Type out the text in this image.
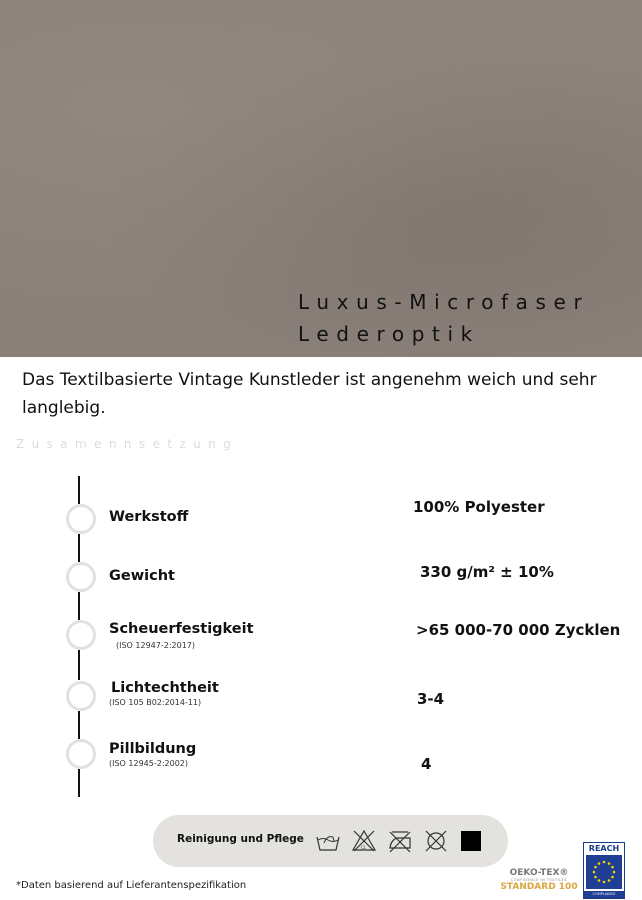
Luxus-Microfaser
Lederoptik
Das Textilbasierte Vintage Kunstleder ist angenehm weich und sehr langlebig.
Zusamennsetzung
Werkstoff
Gewicht
Scheuerfestigkeit
(ISO 12947-2:2017)
Lichtechtheit
(ISO 105 B02:2014-11)
Pillbildung
(ISO 12945-2:2002)
100% Polyester
330 g/m² ± 10%
>65 000-70 000 Zycklen
3-4
4
Reinigung und Pflege
CL
*Daten basierend auf Lieferantenspezifikation
OEKO-TEX®
CONFIDENCE IN TEXTILES
STANDARD 100
REACH
COMPLIANCE
